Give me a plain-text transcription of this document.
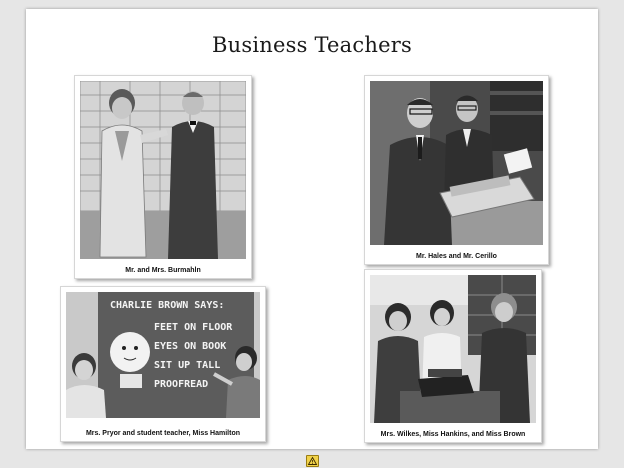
Business Teachers
Mr. and Mrs. Burmahln
Mr. Hales and Mr. Cerillo
CHARLIE BROWN SAYS:
FEET ON FLOOR
EYES ON BOOK
SIT UP TALL
PROOFREAD
Mrs. Pryor and student teacher, Miss Hamilton	Mrs. Wilkes, Miss Hankins, and Miss Brown
